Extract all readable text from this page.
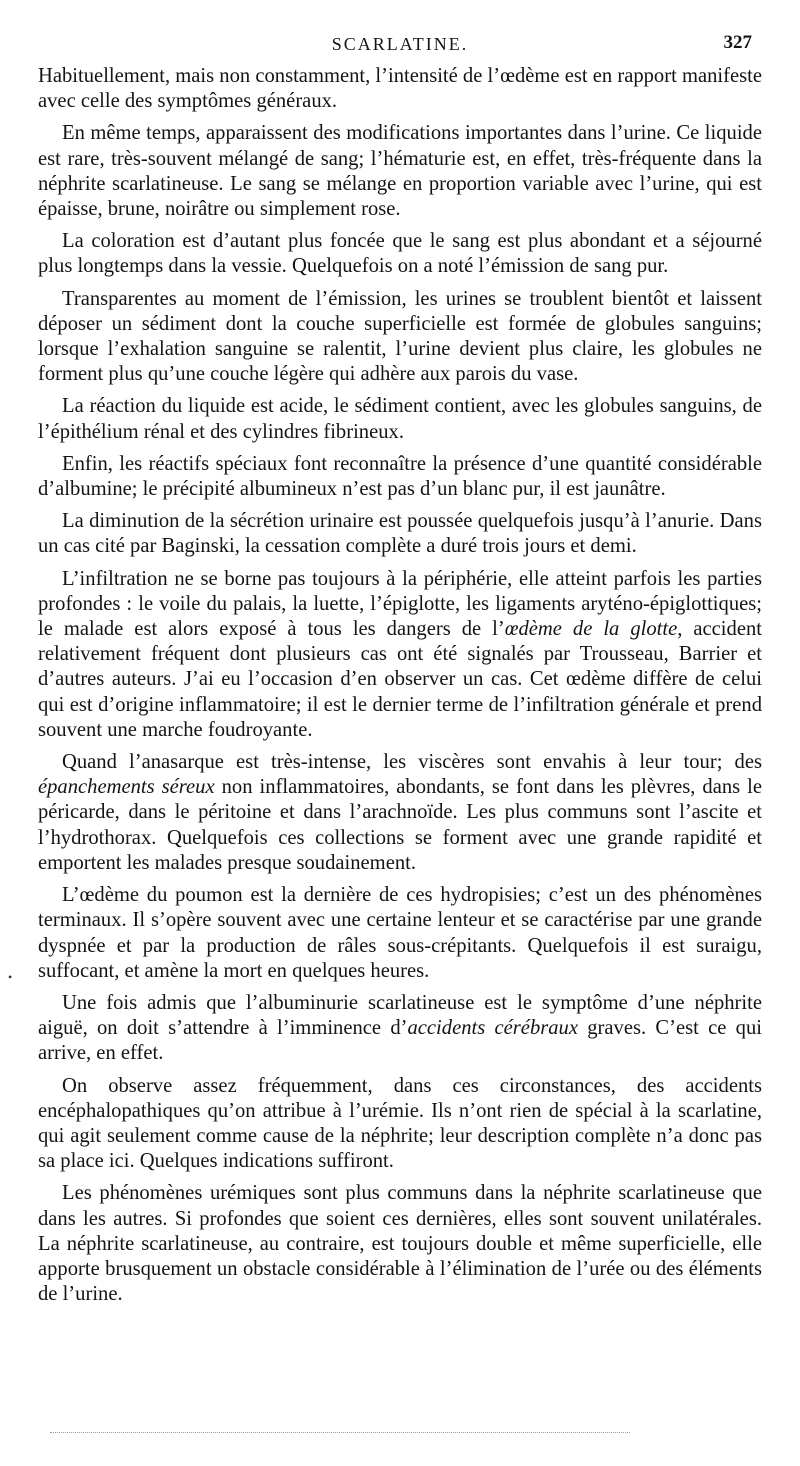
SCARLATINE.	327

Habituellement, mais non constamment, l’intensité de l’œdème est en rapport manifeste avec celle des symptômes généraux.

En même temps, apparaissent des modifications importantes dans l’urine. Ce liquide est rare, très-souvent mélangé de sang; l’hématurie est, en effet, très-fréquente dans la néphrite scarlatineuse. Le sang se mélange en proportion variable avec l’urine, qui est épaisse, brune, noirâtre ou simplement rose.

La coloration est d’autant plus foncée que le sang est plus abondant et a séjourné plus longtemps dans la vessie. Quelquefois on a noté l’émission de sang pur.

Transparentes au moment de l’émission, les urines se troublent bientôt et laissent déposer un sédiment dont la couche superficielle est formée de globules sanguins; lorsque l’exhalation sanguine se ralentit, l’urine devient plus claire, les globules ne forment plus qu’une couche légère qui adhère aux parois du vase.

La réaction du liquide est acide, le sédiment contient, avec les globules sanguins, de l’épithélium rénal et des cylindres fibrineux.

Enfin, les réactifs spéciaux font reconnaître la présence d’une quantité considérable d’albumine; le précipité albumineux n’est pas d’un blanc pur, il est jaunâtre.

La diminution de la sécrétion urinaire est poussée quelquefois jusqu’à l’anurie. Dans un cas cité par Baginski, la cessation complète a duré trois jours et demi.

L’infiltration ne se borne pas toujours à la périphérie, elle atteint parfois les parties profondes : le voile du palais, la luette, l’épiglotte, les ligaments aryténo-épiglottiques; le malade est alors exposé à tous les dangers de l’œdème de la glotte, accident relativement fréquent dont plusieurs cas ont été signalés par Trousseau, Barrier et d’autres auteurs. J’ai eu l’occasion d’en observer un cas. Cet œdème diffère de celui qui est d’origine inflammatoire; il est le dernier terme de l’infiltration générale et prend souvent une marche foudroyante.

Quand l’anasarque est très-intense, les viscères sont envahis à leur tour; des épanchements séreux non inflammatoires, abondants, se font dans les plèvres, dans le péricarde, dans le péritoine et dans l’arachnoïde. Les plus communs sont l’ascite et l’hydrothorax. Quelquefois ces collections se forment avec une grande rapidité et emportent les malades presque soudainement.

L’œdème du poumon est la dernière de ces hydropisies; c’est un des phénomènes terminaux. Il s’opère souvent avec une certaine lenteur et se caractérise par une grande dyspnée et par la production de râles sous-crépitants. Quelquefois il est suraigu, suffocant, et amène la mort en quelques heures.

Une fois admis que l’albuminurie scarlatineuse est le symptôme d’une néphrite aiguë, on doit s’attendre à l’imminence d’accidents cérébraux graves. C’est ce qui arrive, en effet.

On observe assez fréquemment, dans ces circonstances, des accidents encéphalopathiques qu’on attribue à l’urémie. Ils n’ont rien de spécial à la scarlatine, qui agit seulement comme cause de la néphrite; leur description complète n’a donc pas sa place ici. Quelques indications suffiront.

Les phénomènes urémiques sont plus communs dans la néphrite scarlatineuse que dans les autres. Si profondes que soient ces dernières, elles sont souvent unilatérales. La néphrite scarlatineuse, au contraire, est toujours double et même superficielle, elle apporte brusquement un obstacle considérable à l’élimination de l’urée ou des éléments de l’urine.

•
